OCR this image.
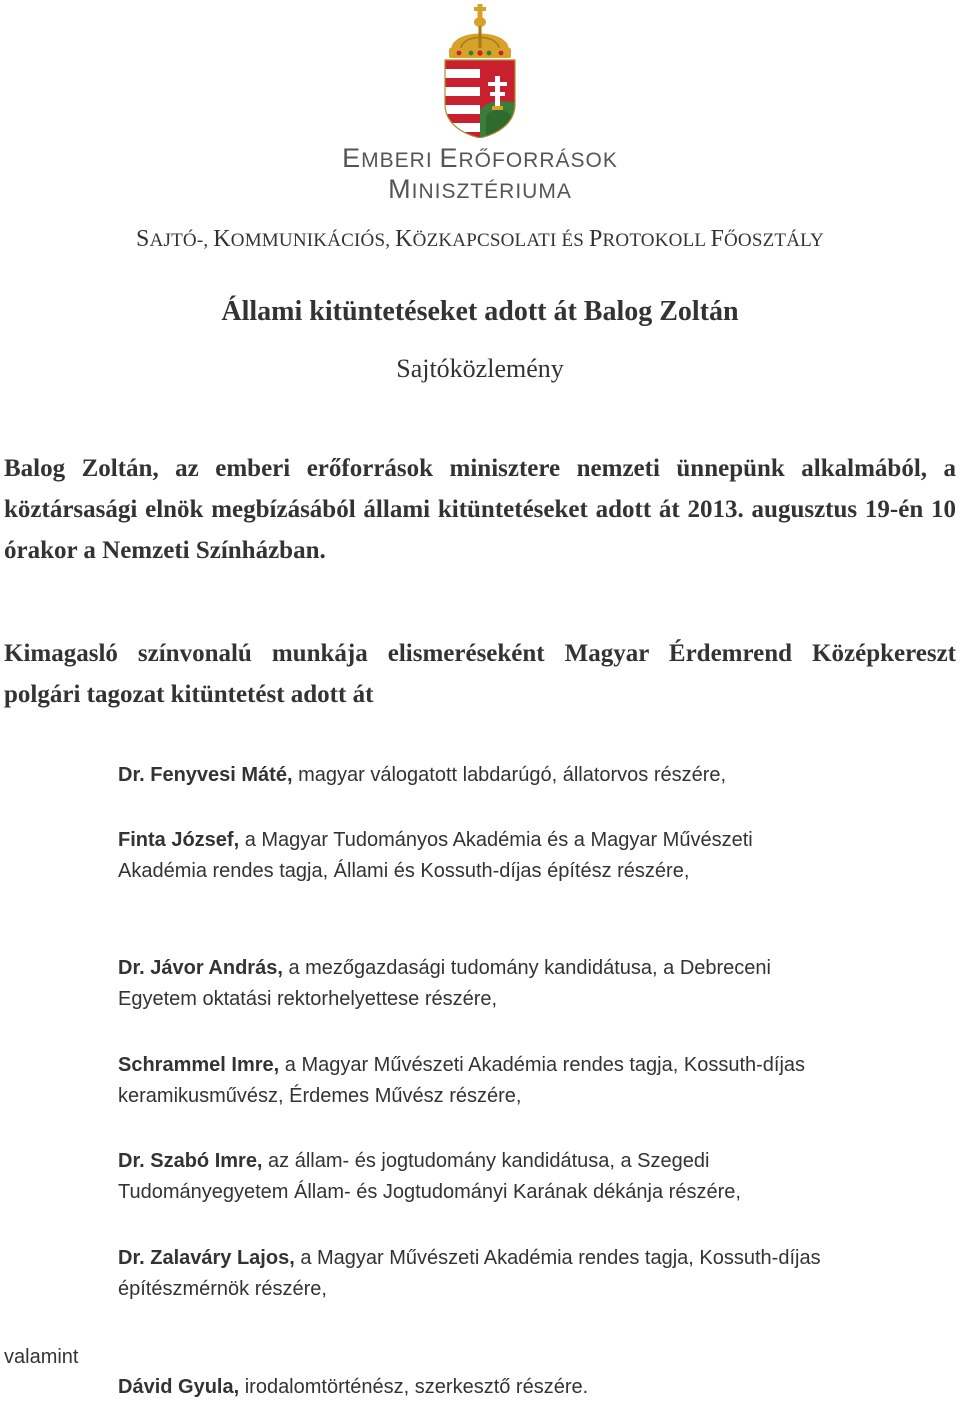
EMBERI ERŐFORRÁSOK
MINISZTÉRIUMA
SAJTÓ-, KOMMUNIKÁCIÓS, KÖZKAPCSOLATI ÉS PROTOKOLL FŐOSZTÁLY
Állami kitüntetéseket adott át Balog Zoltán
Sajtóközlemény
Balog Zoltán, az emberi erőforrások minisztere nemzeti ünnepünk alkalmából, a köztársasági elnök megbízásából állami kitüntetéseket adott át 2013. augusztus 19-én 10 órakor a Nemzeti Színházban.
Kimagasló színvonalú munkája elismeréseként Magyar Érdemrend Középkereszt polgári tagozat kitüntetést adott át
Dr. Fenyvesi Máté, magyar válogatott labdarúgó, állatorvos részére,
Finta József, a Magyar Tudományos Akadémia és a Magyar Művészeti Akadémia rendes tagja, Állami és Kossuth-díjas építész részére,
Dr. Jávor András, a mezőgazdasági tudomány kandidátusa, a Debreceni Egyetem oktatási rektorhelyettese részére,
Schrammel Imre, a Magyar Művészeti Akadémia rendes tagja, Kossuth-díjas keramikusművész, Érdemes Művész részére,
Dr. Szabó Imre, az állam- és jogtudomány kandidátusa, a Szegedi Tudományegyetem Állam- és Jogtudományi Karának dékánja részére,
Dr. Zalaváry Lajos, a Magyar Művészeti Akadémia rendes tagja, Kossuth-díjas építészmérnök részére,
valamint
Dávid Gyula, irodalomtörténész, szerkesztő részére.
